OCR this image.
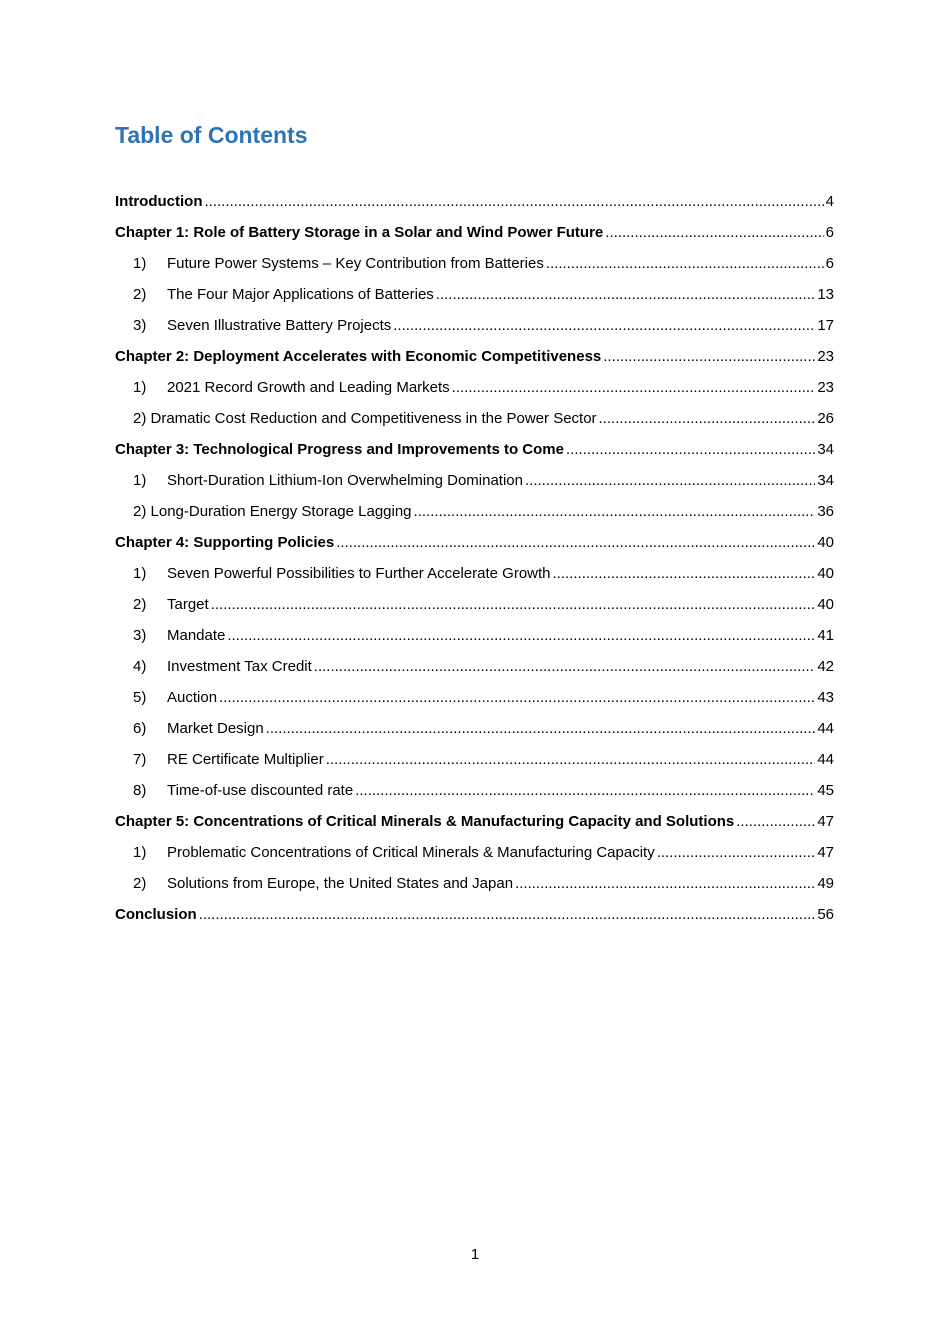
Table of Contents
Introduction .....	4
Chapter 1: Role of Battery Storage in a Solar and Wind Power Future .....	6
1)	Future Power Systems – Key Contribution from Batteries .....	6
2)	The Four Major Applications of Batteries .....	13
3)	Seven Illustrative Battery Projects .....	17
Chapter 2: Deployment Accelerates with Economic Competitiveness .....	23
1)	2021 Record Growth and Leading Markets .....	23
2) Dramatic Cost Reduction and Competitiveness in the Power Sector .....	26
Chapter 3: Technological Progress and Improvements to Come .....	34
1)	Short-Duration Lithium-Ion Overwhelming Domination .....	34
2) Long-Duration Energy Storage Lagging .....	36
Chapter 4: Supporting Policies .....	40
1)	Seven Powerful Possibilities to Further Accelerate Growth .....	40
2)	Target .....	40
3)	Mandate .....	41
4)	Investment Tax Credit .....	42
5)	Auction .....	43
6)	Market Design .....	44
7)	RE Certificate Multiplier .....	44
8)	Time-of-use discounted rate .....	45
Chapter 5: Concentrations of Critical Minerals & Manufacturing Capacity and Solutions .....	47
1)	Problematic Concentrations of Critical Minerals & Manufacturing Capacity .....	47
2)	Solutions from Europe, the United States and Japan .....	49
Conclusion .....	56
1
